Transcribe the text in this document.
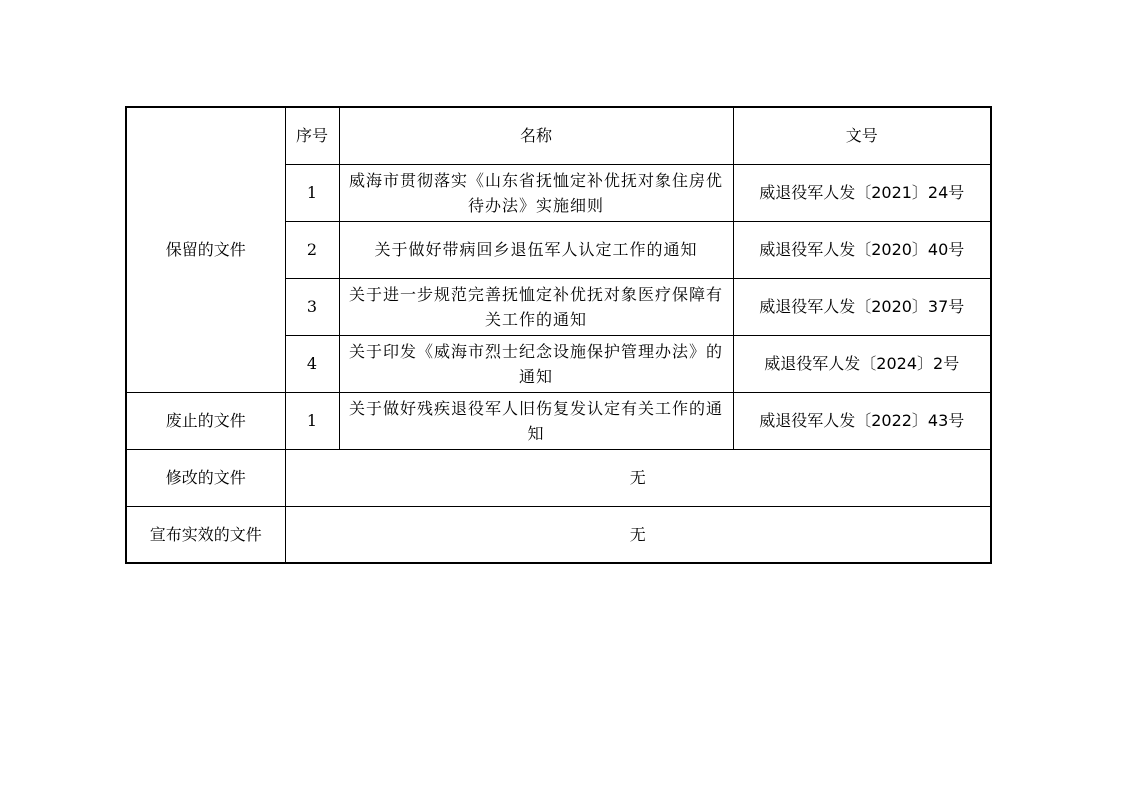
保留的文件	序号	名称	文号
	1	威海市贯彻落实《山东省抚恤定补优抚对象住房优待办法》实施细则	威退役军人发〔2021〕24号
	2	关于做好带病回乡退伍军人认定工作的通知	威退役军人发〔2020〕40号
	3	关于进一步规范完善抚恤定补优抚对象医疗保障有关工作的通知	威退役军人发〔2020〕37号
	4	关于印发《威海市烈士纪念设施保护管理办法》的通知	威退役军人发〔2024〕2号
废止的文件	1	关于做好残疾退役军人旧伤复发认定有关工作的通知	威退役军人发〔2022〕43号
修改的文件	无		
宣布实效的文件	无		
